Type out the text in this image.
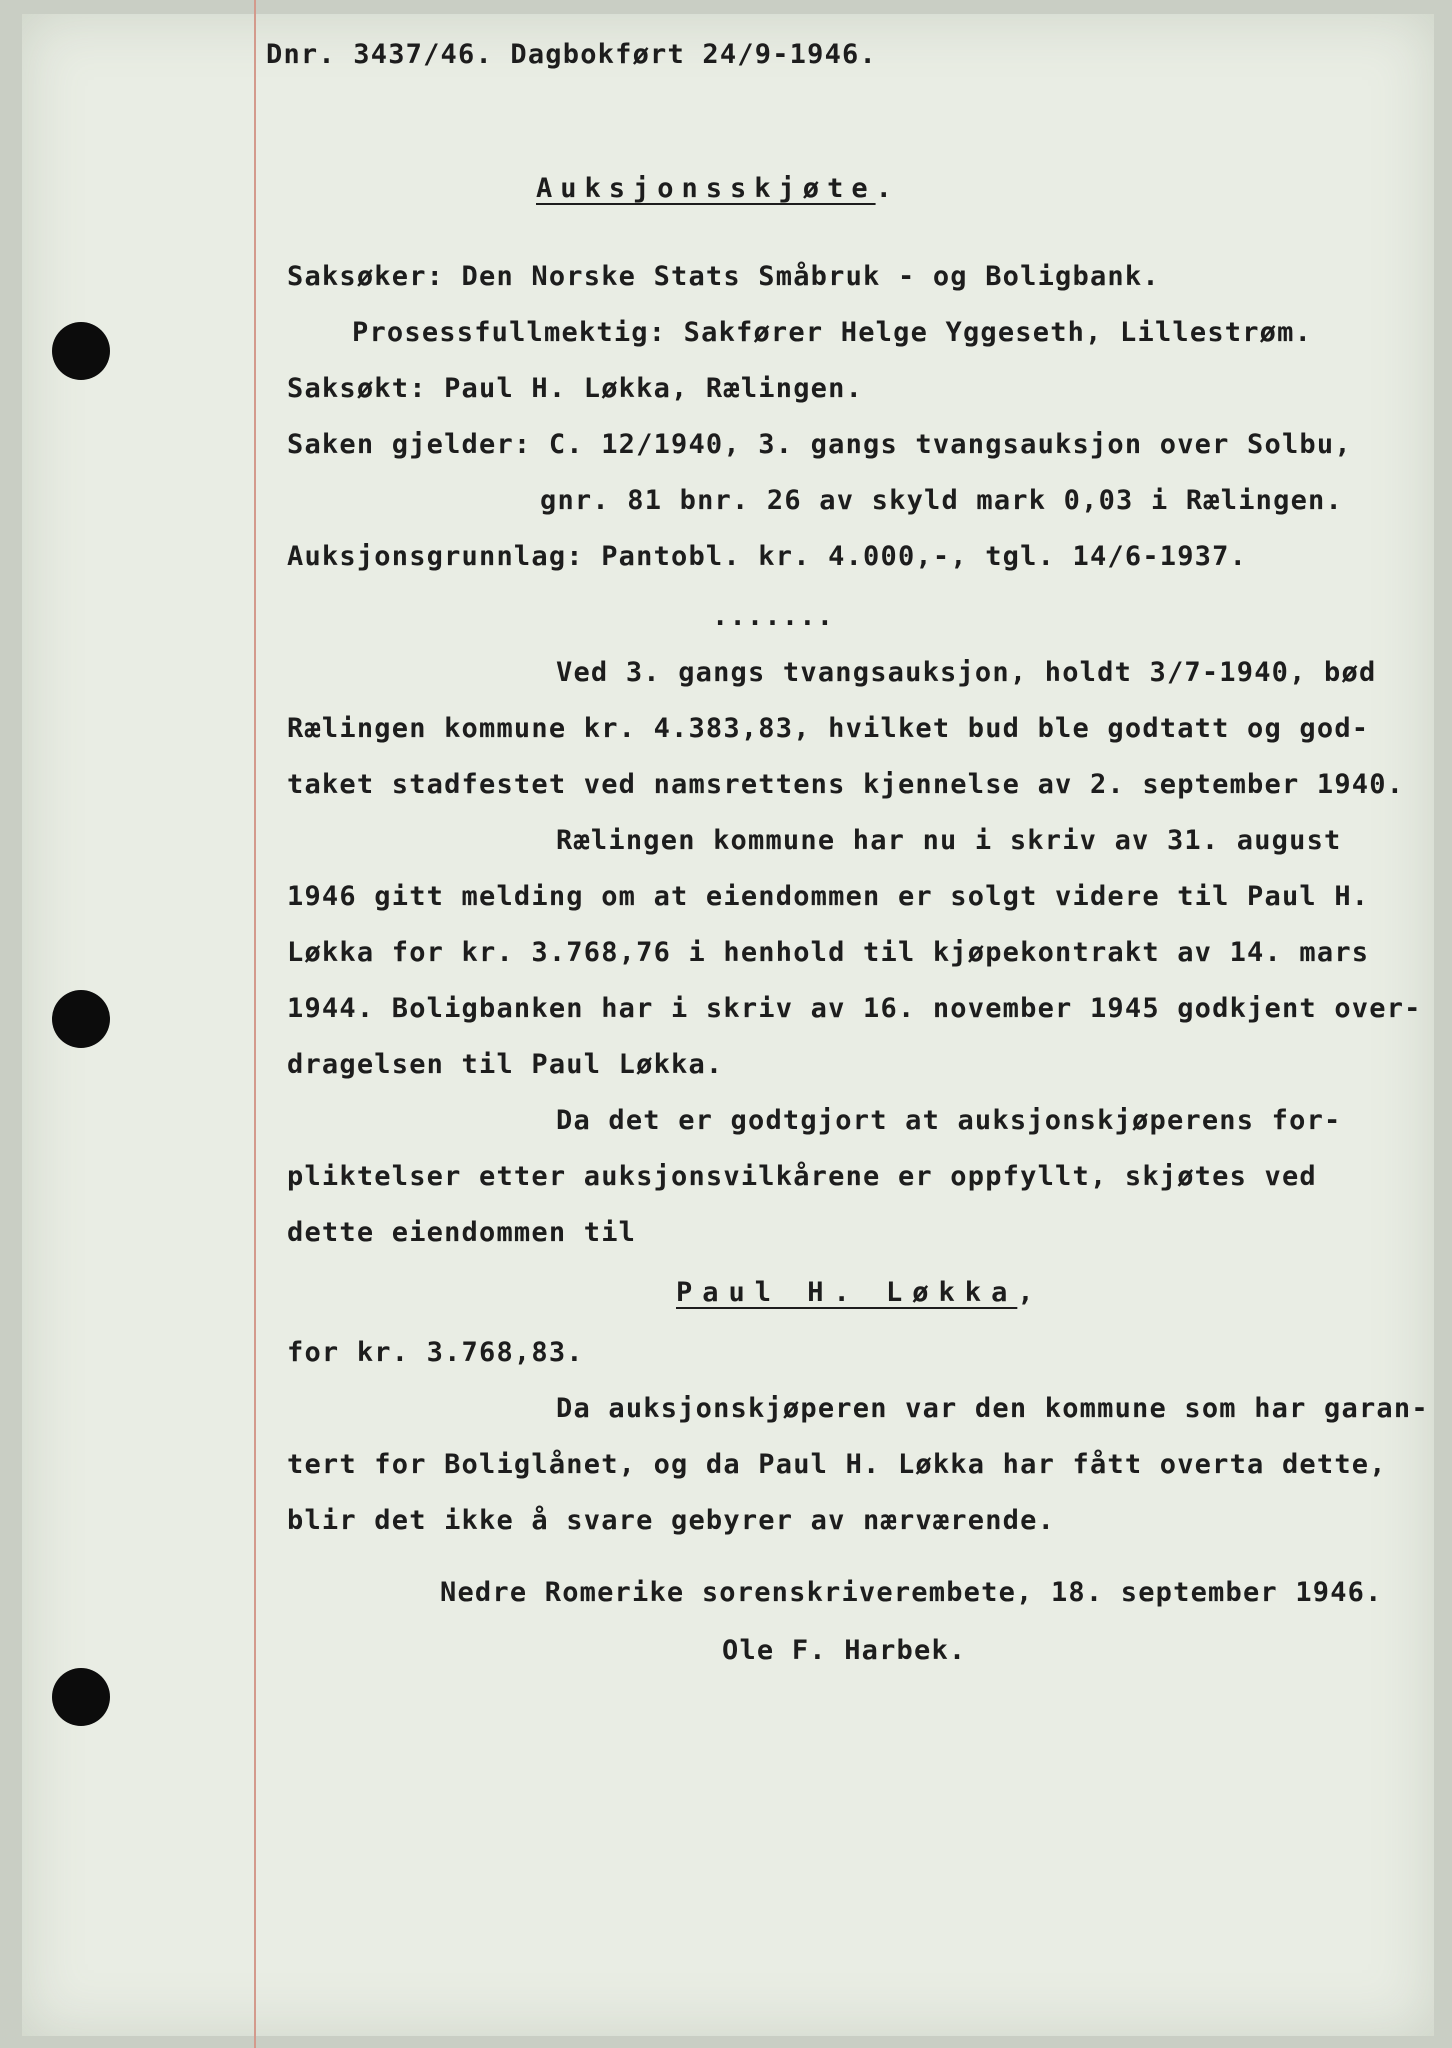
Dnr. 3437/46. Dagbokført 24/9-1946.
Auksjonsskjøte.
Saksøker: Den Norske Stats Småbruk - og Boligbank.
Prosessfullmektig: Sakfører Helge Yggeseth, Lillestrøm.
Saksøkt: Paul H. Løkka, Rælingen.
Saken gjelder: C. 12/1940, 3. gangs tvangsauksjon over Solbu,
gnr. 81 bnr. 26 av skyld mark 0,03 i Rælingen.
Auksjonsgrunnlag: Pantobl. kr. 4.000,-, tgl. 14/6-1937.
.......
Ved 3. gangs tvangsauksjon, holdt 3/7-1940, bød
Rælingen kommune kr. 4.383,83, hvilket bud ble godtatt og god-
taket stadfestet ved namsrettens kjennelse av 2. september 1940.
Rælingen kommune har nu i skriv av 31. august
1946 gitt melding om at eiendommen er solgt videre til Paul H.
Løkka for kr. 3.768,76 i henhold til kjøpekontrakt av 14. mars
1944. Boligbanken har i skriv av 16. november 1945 godkjent over-
dragelsen til Paul Løkka.
Da det er godtgjort at auksjonskjøperens for-
pliktelser etter auksjonsvilkårene er oppfyllt, skjøtes ved
dette eiendommen til
Paul H. Løkka,
for kr. 3.768,83.
Da auksjonskjøperen var den kommune som har garan-
tert for Boliglånet, og da Paul H. Løkka har fått overta dette,
blir det ikke å svare gebyrer av nærværende.
Nedre Romerike sorenskriverembete, 18. september 1946.
Ole F. Harbek.
